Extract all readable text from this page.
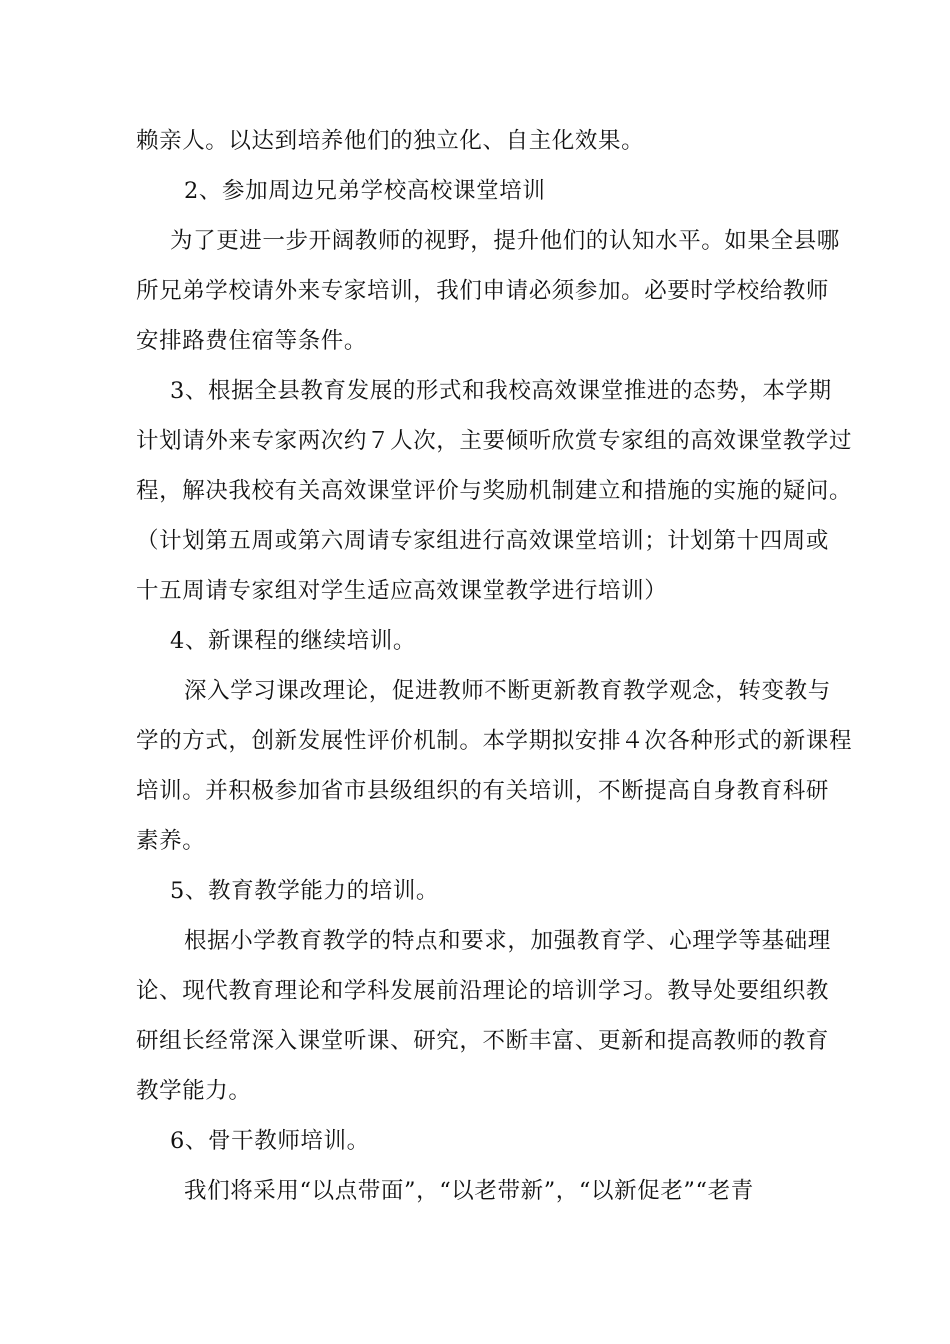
赖亲人。以达到培养他们的独立化、自主化效果。
2、参加周边兄弟学校高校课堂培训
为了更进一步开阔教师的视野，提升他们的认知水平。如果全县哪
所兄弟学校请外来专家培训，我们申请必须参加。必要时学校给教师
安排路费住宿等条件。
3、根据全县教育发展的形式和我校高效课堂推进的态势，本学期
计划请外来专家两次约７人次，主要倾听欣赏专家组的高效课堂教学过
程，解决我校有关高效课堂评价与奖励机制建立和措施的实施的疑问。
（计划第五周或第六周请专家组进行高效课堂培训；计划第十四周或
十五周请专家组对学生适应高效课堂教学进行培训）
4、新课程的继续培训。
深入学习课改理论，促进教师不断更新教育教学观念，转变教与
学的方式，创新发展性评价机制。本学期拟安排４次各种形式的新课程
培训。并积极参加省市县级组织的有关培训，不断提高自身教育科研
素养。
5、教育教学能力的培训。
根据小学教育教学的特点和要求，加强教育学、心理学等基础理
论、现代教育理论和学科发展前沿理论的培训学习。教导处要组织教
研组长经常深入课堂听课、研究，不断丰富、更新和提高教师的教育
教学能力。
6、骨干教师培训。
我们将采用“以点带面”，“以老带新”，“以新促老”“老青
